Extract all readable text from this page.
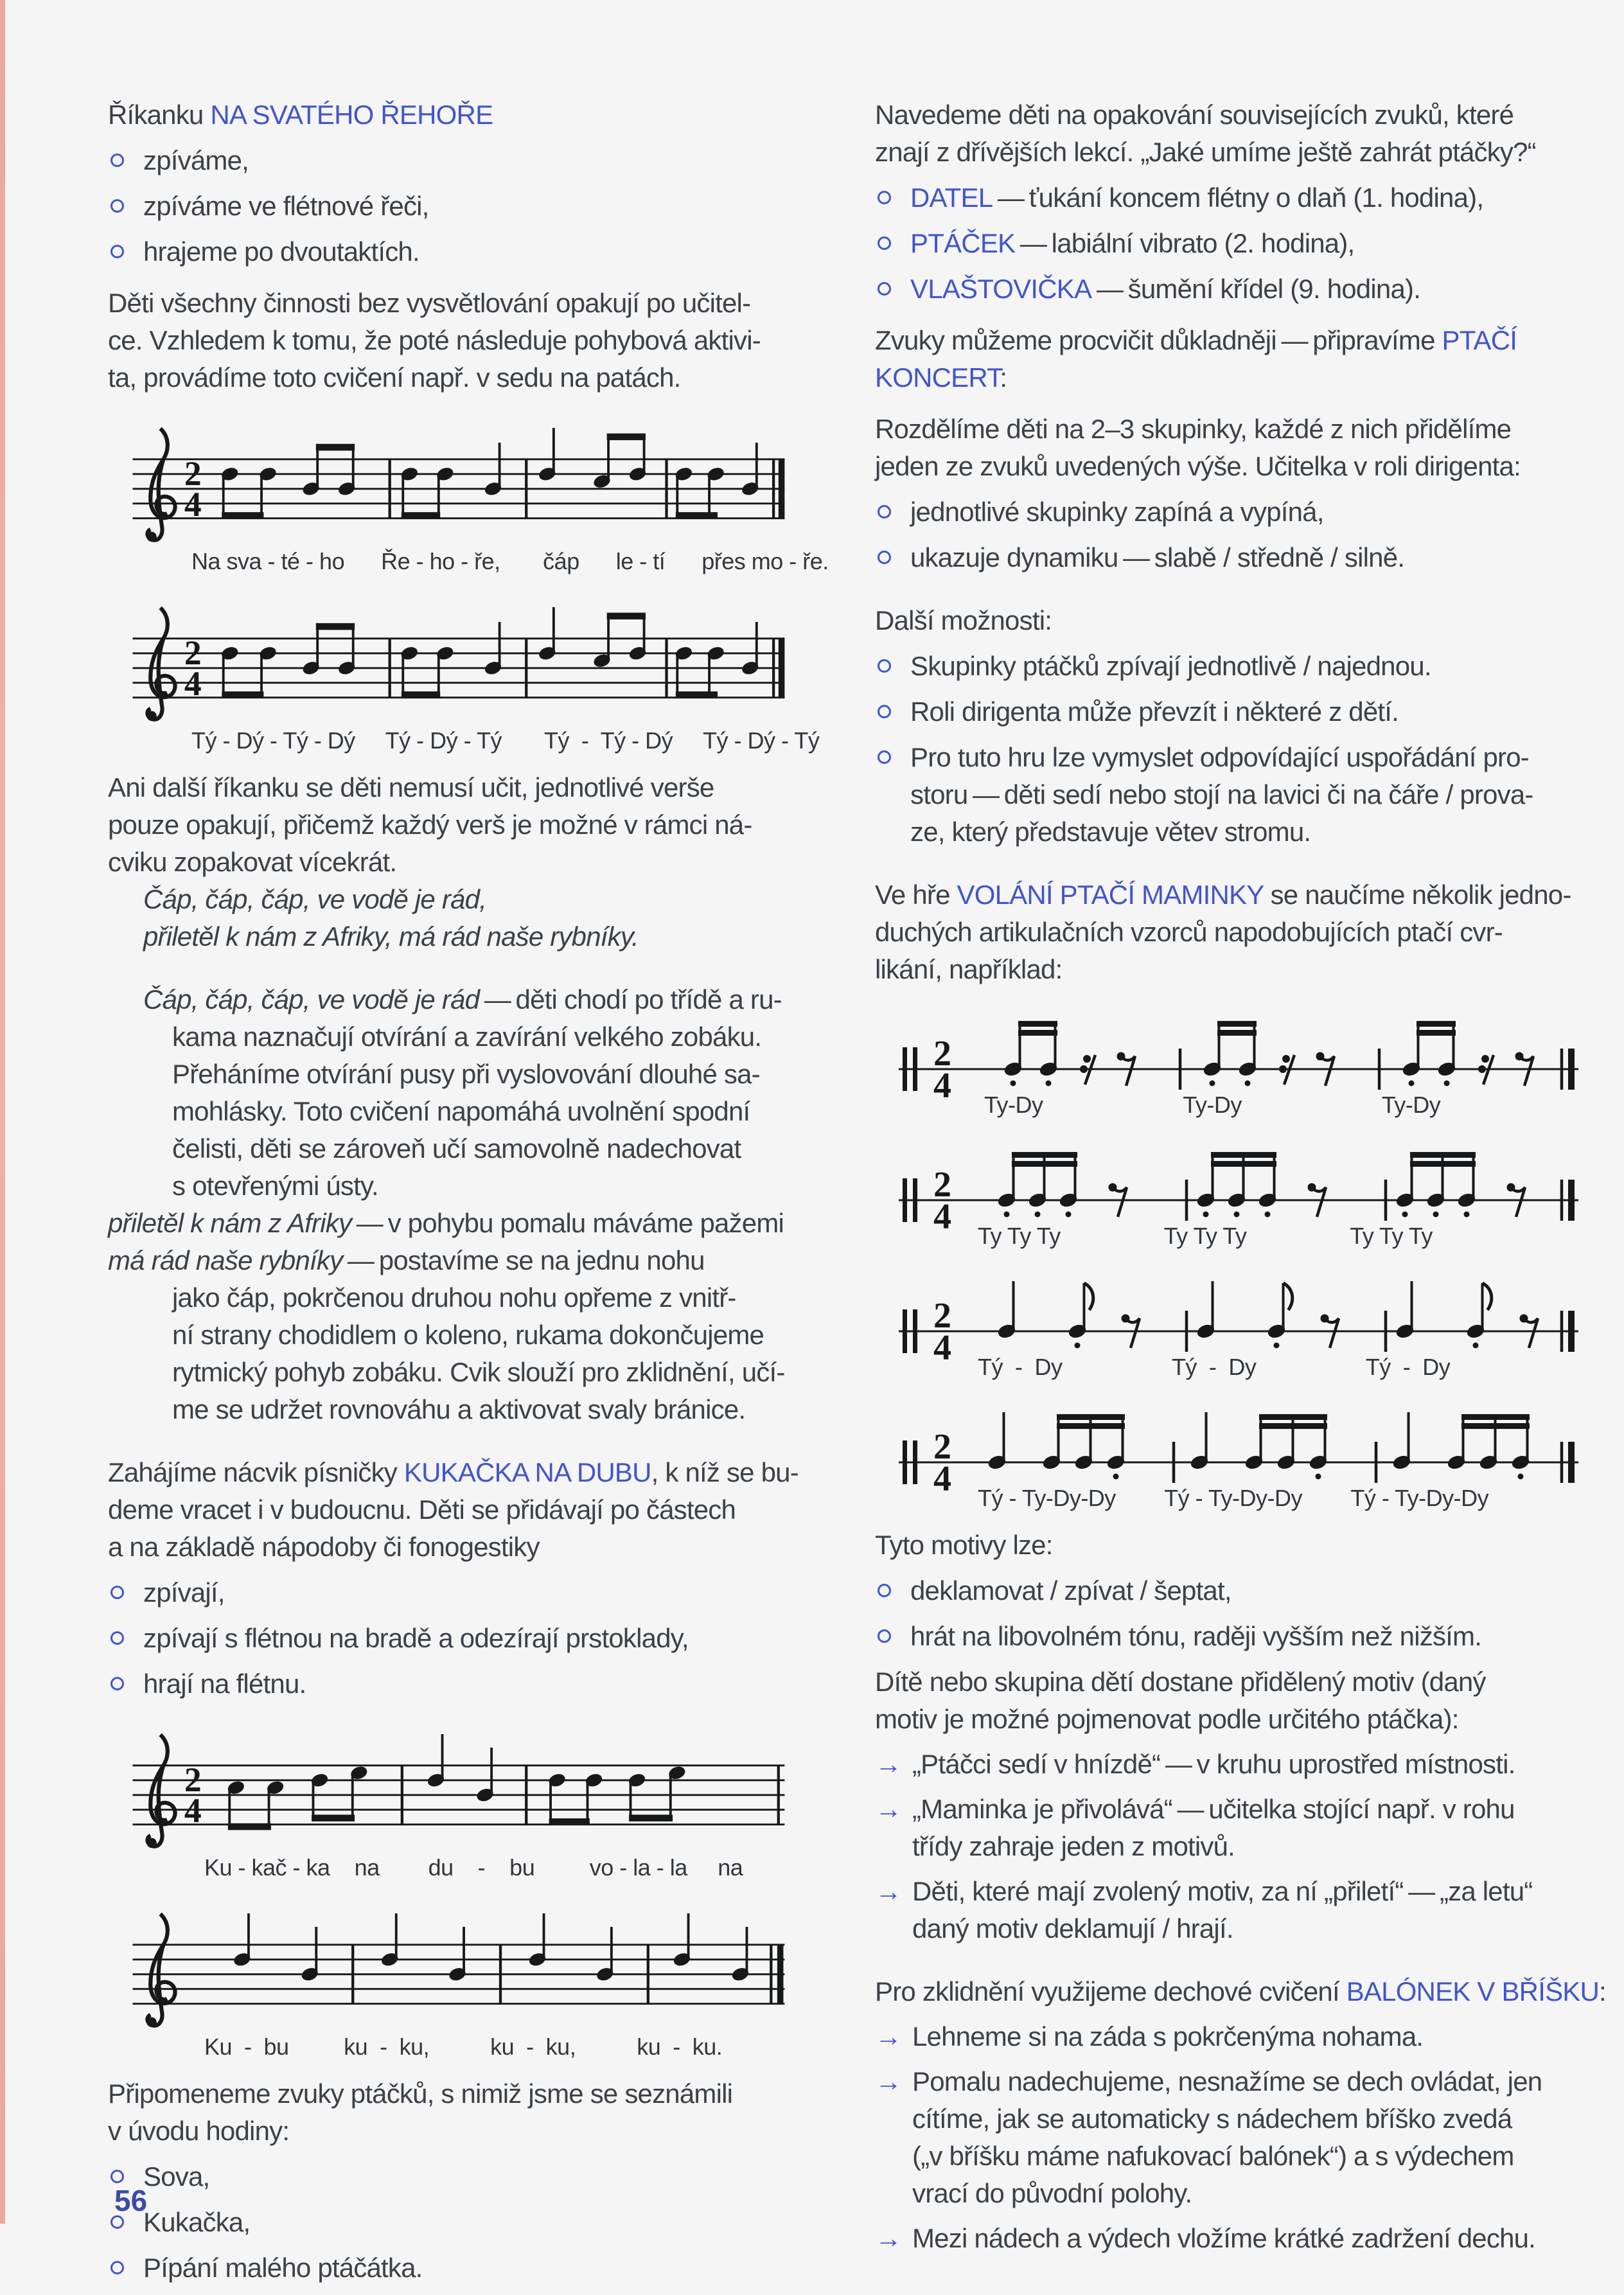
Říkanku NA SVATÉHO ŘEHOŘE
zpíváme,
zpíváme ve flétnové řeči,
hrajeme po dvoutaktích.
Děti všechny činnosti bez vysvětlování opakují po učitel-
ce. Vzhledem k tomu, že poté následuje pohybová aktivi-
ta, provádíme toto cvičení např. v sedu na patách.
2
4
Na sva - té - ho      Ře - ho - ře,       čáp      le - tí      přes mo - ře.
2
4
Tý - Dý - Tý - Dý     Tý - Dý - Tý       Tý  -  Tý - Dý     Tý - Dý - Tý
Ani další říkanku se děti nemusí učit, jednotlivé verše
pouze opakují, přičemž každý verš je možné v rámci ná-
cviku zopakovat vícekrát.
Čáp, čáp, čáp, ve vodě je rád,
přiletěl k nám z Afriky, má rád naše rybníky.
Čáp, čáp, čáp, ve vodě je rád — děti chodí po třídě a ru-
kama naznačují otvírání a zavírání velkého zobáku.
Přeháníme otvírání pusy při vyslovování dlouhé sa-
mohlásky. Toto cvičení napomáhá uvolnění spodní
čelisti, děti se zároveň učí samovolně nadechovat
s otevřenými ústy.
přiletěl k nám z Afriky — v pohybu pomalu máváme pažemi
má rád naše rybníky — postavíme se na jednu nohu
jako čáp, pokrčenou druhou nohu opřeme z vnitř-
ní strany chodidlem o koleno, rukama dokončujeme
rytmický pohyb zobáku. Cvik slouží pro zklidnění, učí-
me se udržet rovnováhu a aktivovat svaly bránice.
Zahájíme nácvik písničky KUKAČKA NA DUBU, k níž se bu-
deme vracet i v budoucnu. Děti se přidávají po částech
a na základě nápodoby či fonogestiky
zpívají,
zpívají s flétnou na bradě a odezírají prstoklady,
hrají na flétnu.
2
4
Ku - kač - ka    na        du    -    bu         vo - la - la     na
Ku  -  bu         ku  -  ku,          ku  -  ku,          ku  -  ku.
Připomeneme zvuky ptáčků, s nimiž jsme se seznámili
v úvodu hodiny:
Sova,
Kukačka,
Pípání malého ptáčátka.
Navedeme děti na opakování souvisejících zvuků, které
znají z dřívějších lekcí. „Jaké umíme ještě zahrát ptáčky?“
DATEL — ťukání koncem flétny o dlaň (1. hodina),
PTÁČEK — labiální vibrato (2. hodina),
VLAŠTOVIČKA — šumění křídel (9. hodina).
Zvuky můžeme procvičit důkladněji — připravíme PTAČÍ
KONCERT:
Rozdělíme děti na 2–3 skupinky, každé z nich přidělíme
jeden ze zvuků uvedených výše. Učitelka v roli dirigenta:
jednotlivé skupinky zapíná a vypíná,
ukazuje dynamiku — slabě / středně / silně.
Další možnosti:
Skupinky ptáčků zpívají jednotlivě / najednou.
Roli dirigenta může převzít i některé z dětí.
Pro tuto hru lze vymyslet odpovídající uspořádání pro-
storu — děti sedí nebo stojí na lavici či na čáře / prova-
ze, který představuje větev stromu.
Ve hře VOLÁNÍ PTAČÍ MAMINKY se naučíme několik jedno-
duchých artikulačních vzorců napodobujících ptačí cvr-
likání, například:
2
4	Ty-Dy                       Ty-Dy                       Ty-Dy
2
4	Ty Ty Ty                 Ty Ty Ty                 Ty Ty Ty
2
4	Tý  -  Dy                  Tý  -  Dy                  Tý  -  Dy
2
4	Tý - Ty-Dy-Dy        Tý - Ty-Dy-Dy        Tý - Ty-Dy-Dy
Tyto motivy lze:
deklamovat / zpívat / šeptat,
hrát na libovolném tónu, raději vyšším než nižším.
Dítě nebo skupina dětí dostane přidělený motiv (daný
motiv je možné pojmenovat podle určitého ptáčka):
→ „Ptáčci sedí v hnízdě“ — v kruhu uprostřed místnosti.
→ „Maminka je přivolává“ — učitelka stojící např. v rohu
třídy zahraje jeden z motivů.
→ Děti, které mají zvolený motiv, za ní „přiletí“ — „za letu“
daný motiv deklamují / hrají.
Pro zklidnění využijeme dechové cvičení BALÓNEK V BŘÍŠKU:
→ Lehneme si na záda s pokrčenýma nohama.
→ Pomalu nadechujeme, nesnažíme se dech ovládat, jen
cítíme, jak se automaticky s nádechem bříško zvedá
(„v bříšku máme nafukovací balónek“) a s výdechem
vrací do původní polohy.
→ Mezi nádech a výdech vložíme krátké zadržení dechu.
56
